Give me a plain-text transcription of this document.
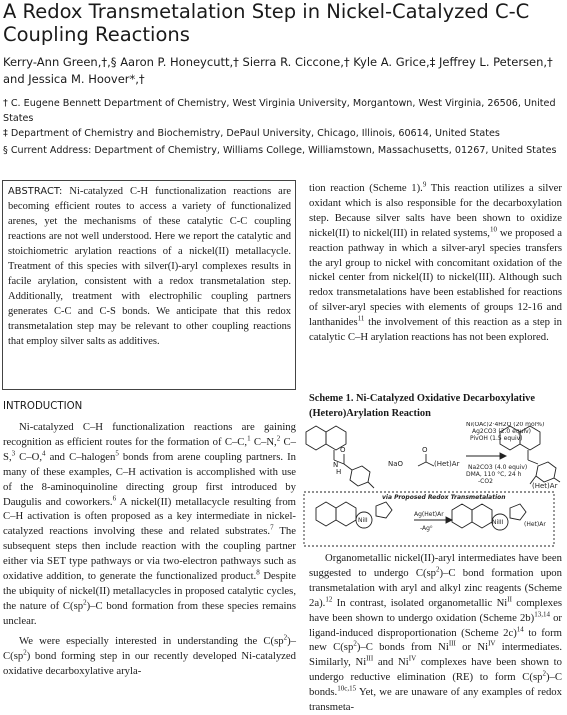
A Redox Transmetalation Step in Nickel-Catalyzed C-C Coupling Reactions
Kerry-Ann Green,†,§ Aaron P. Honeycutt,† Sierra R. Ciccone,† Kyle A. Grice,‡ Jeffrey L. Petersen,† and Jessica M. Hoover*,†
† C. Eugene Bennett Department of Chemistry, West Virginia University, Morgantown, West Virginia, 26506, United States
‡ Department of Chemistry and Biochemistry, DePaul University, Chicago, Illinois, 60614, United States
§ Current Address: Department of Chemistry, Williams College, Williamstown, Massachusetts, 01267, United States

ABSTRACT: Ni-catalyzed C-H functionalization reactions are becoming efficient routes to access a variety of functionalized arenes, yet the mechanisms of these catalytic C-C coupling reactions are not well understood. Here we report the catalytic and stoichiometric arylation reactions of a nickel(II) metallacycle. Treatment of this species with silver(I)-aryl complexes results in facile arylation, consistent with a redox transmetalation step. Additionally, treatment with electrophilic coupling partners generates C-C and C-S bonds. We anticipate that this redox transmetalation step may be relevant to other coupling reactions that employ silver salts as additives.

INTRODUCTION

Ni-catalyzed C–H functionalization reactions are gaining recognition as efficient routes for the formation of C–C,$^1$ C–N,$^2$ C–S,$^3$ C–O,$^4$ and C–halogen$^5$ bonds from arene coupling partners. In many of these examples, C–H activation is accomplished with use of the 8-aminoquinoline directing group first introduced by Daugulis and coworkers.$^6$ A nickel(II) metallacycle resulting from C–H activation is often proposed as a key intermediate in nickel-catalyzed reactions involving these and related substrates.$^7$ The subsequent steps then include reaction with the coupling partner either via SET type pathways or via two-electron pathways such as oxidative addition, to generate the functionalized product.$^8$ Despite the ubiquity of nickel(II) metallacycles in proposed catalytic cycles, the nature of $C(sp^2)-C$ bond formation from these species remains unclear.

We were especially interested in understanding the $C(sp^2)-C(sp^2)$ bond forming step in our recently developed Ni-catalyzed oxidative decarboxylative aryla-

tion reaction (Scheme 1).$^9$ This reaction utilizes a silver oxidant which is also responsible for the decarboxylation step. Because silver salts have been shown to oxidize nickel(II) to nickel(III) in related systems,$^{10}$ we proposed a reaction pathway in which a silver-aryl species transfers the aryl group to nickel with concomitant oxidation of the nickel center from nickel(II) to nickel(III). Although such redox transmetalations have been established for reactions of silver-aryl species with elements of groups 12-16 and lanthanides$^{11}$ the involvement of this reaction as a step in catalytic C–H arylation reactions has not been explored.

Scheme 1. Ni-Catalyzed Oxidative Decarboxylative (Hetero)Arylation Reaction
N
H
O
NaO
O
(Het)Ar
(Het)Ar
Ni(OAc)2·4H2O (20 mol%)
Ag2CO3 (2.0 equiv)
PivOH (1.5 equiv)
Na2CO3 (4.0 equiv)
DMA, 110 °C, 24 h
-CO2
via Proposed Redox Transmetalation
Ag(Het)Ar
-Ag⁰
NiII	NiIII	(Het)Ar

Organometallic nickel(II)-aryl intermediates have been suggested to undergo $C(sp^2)-C$ bond formation upon transmetalation with aryl and alkyl zinc reagents (Scheme 2a).$^{12}$ In contrast, isolated organometallic $Ni^{II}$ complexes have been shown to undergo oxidation (Scheme 2b)$^{13,14}$ or ligand-induced disproportionation (Scheme 2c)$^{14}$ to form new $C(sp^2)-C$ bonds from $Ni^{III}$ or $Ni^{IV}$ intermediates. Similarly, $Ni^{III}$ and $Ni^{IV}$ complexes have been shown to undergo reductive elimination (RE) to form $C(sp^2)-C$ bonds.$^{10c,15}$ Yet, we are unaware of any examples of redox transmeta-
